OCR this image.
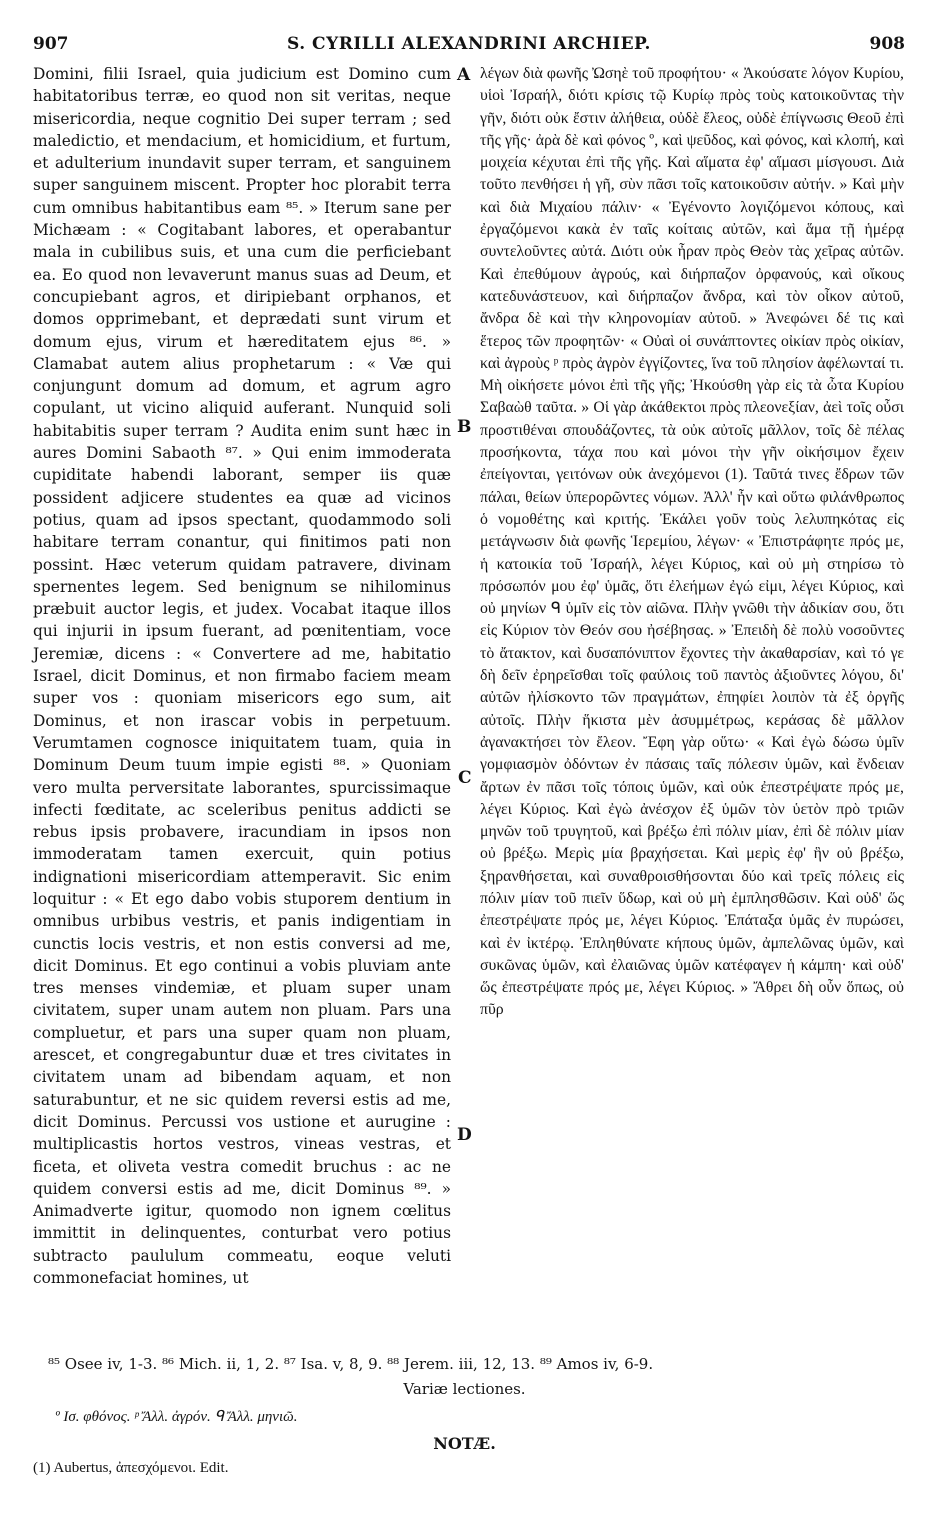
907	S. CYRILLI ALEXANDRINI ARCHIEP.	908
Domini, filii Israel, quia judicium est Domino cum habitatoribus terræ, eo quod non sit veritas, neque misericordia, neque cognitio Dei super terram ; sed maledictio, et mendacium, et homicidium, et furtum, et adulterium inundavit super terram, et sanguinem super sanguinem miscent. Propter hoc plorabit terra cum omnibus habitantibus eam ⁸⁵. » Iterum sane per Michæam : « Cogitabant labores, et operabantur mala in cubilibus suis, et una cum die perficiebant ea. Eo quod non levaverunt manus suas ad Deum, et concupiebant agros, et diripiebant orphanos, et domos opprimebant, et deprædati sunt virum et domum ejus, virum et hæreditatem ejus ⁸⁶. » Clamabat autem alius prophetarum : « Væ qui conjungunt domum ad domum, et agrum agro copulant, ut vicino aliquid auferant. Nunquid soli habitabitis super terram ? Audita enim sunt hæc in aures Domini Sabaoth ⁸⁷. » Qui enim immoderata cupiditate habendi laborant, semper iis quæ possident adjicere studentes ea quæ ad vicinos potius, quam ad ipsos spectant, quodammodo soli habitare terram conantur, qui finitimos pati non possint. Hæc veterum quidam patravere, divinam spernentes legem. Sed benignum se nihilominus præbuit auctor legis, et judex. Vocabat itaque illos qui injurii in ipsum fuerant, ad pœnitentiam, voce Jeremiæ, dicens : « Convertere ad me, habitatio Israel, dicit Dominus, et non firmabo faciem meam super vos : quoniam misericors ego sum, ait Dominus, et non irascar vobis in perpetuum. Verumtamen cognosce iniquitatem tuam, quia in Dominum Deum tuum impie egisti ⁸⁸. » Quoniam vero multa perversitate laborantes, spurcissimaque infecti fœditate, ac sceleribus penitus addicti se rebus ipsis probavere, iracundiam in ipsos non immoderatam tamen exercuit, quin potius indignationi misericordiam attemperavit. Sic enim loquitur : « Et ego dabo vobis stuporem dentium in omnibus urbibus vestris, et panis indigentiam in cunctis locis vestris, et non estis conversi ad me, dicit Dominus. Et ego continui a vobis pluviam ante tres menses vindemiæ, et pluam super unam civitatem, super unam autem non pluam. Pars una compluetur, et pars una super quam non pluam, arescet, et congregabuntur duæ et tres civitates in civitatem unam ad bibendam aquam, et non saturabuntur, et ne sic quidem reversi estis ad me, dicit Dominus. Percussi vos ustione et aurugine : multiplicastis hortos vestros, vineas vestras, et ficeta, et oliveta vestra comedit bruchus : ac ne quidem conversi estis ad me, dicit Dominus ⁸⁹. » Animadverte igitur, quomodo non ignem cœlitus immittit in delinquentes, conturbat vero potius subtracto paululum commeatu, eoque veluti commonefaciat homines, ut
A
B
C
D
λέγων διὰ φωνῆς Ὠσηὲ τοῦ προφήτου· « Ἀκούσατε λόγον Κυρίου, υἱοὶ Ἰσραήλ, διότι κρίσις τῷ Κυρίῳ πρὸς τοὺς κατοικοῦντας τὴν γῆν, διότι οὐκ ἔστιν ἀλήθεια, οὐδὲ ἔλεος, οὐδὲ ἐπίγνωσις Θεοῦ ἐπὶ τῆς γῆς· ἀρὰ δὲ καὶ φόνος º, καὶ ψεῦδος, καὶ φόνος, καὶ κλοπή, καὶ μοιχεία κέχυται ἐπὶ τῆς γῆς. Καὶ αἵματα ἐφ' αἵμασι μίσγουσι. Διὰ τοῦτο πενθήσει ἡ γῆ, σὺν πᾶσι τοῖς κατοικοῦσιν αὐτήν. » Καὶ μὴν καὶ διὰ Μιχαίου πάλιν· « Ἐγένοντο λογιζόμενοι κόπους, καὶ ἐργαζόμενοι κακὰ ἐν ταῖς κοίταις αὐτῶν, καὶ ἅμα τῇ ἡμέρᾳ συντελοῦντες αὐτά. Διότι οὐκ ἦραν πρὸς Θεὸν τὰς χεῖρας αὐτῶν. Καὶ ἐπεθύμουν ἀγρούς, καὶ διήρπαζον ὀρφανούς, καὶ οἴκους κατεδυνάστευον, καὶ διήρπαζον ἄνδρα, καὶ τὸν οἶκον αὐτοῦ, ἄνδρα δὲ καὶ τὴν κληρονομίαν αὐτοῦ. » Ἀνεφώνει δέ τις καὶ ἕτερος τῶν προφητῶν· « Οὐαὶ οἱ συνάπτοντες οἰκίαν πρὸς οἰκίαν, καὶ ἀγροὺς ᵖ πρὸς ἀγρὸν ἐγγίζοντες, ἵνα τοῦ πλησίον ἀφέλωνταί τι. Μὴ οἰκήσετε μόνοι ἐπὶ τῆς γῆς; Ἠκούσθη γὰρ εἰς τὰ ὦτα Κυρίου Σαβαὼθ ταῦτα. » Οἱ γὰρ ἀκάθεκτοι πρὸς πλεονεξίαν, ἀεὶ τοῖς οὖσι προστιθέναι σπουδάζοντες, τὰ οὐκ αὐτοῖς μᾶλλον, τοῖς δὲ πέλας προσήκοντα, τάχα που καὶ μόνοι τὴν γῆν οἰκήσιμον ἔχειν ἐπείγονται, γειτόνων οὐκ ἀνεχόμενοι (1). Ταῦτά τινες ἔδρων τῶν πάλαι, θείων ὑπερορῶντες νόμων. Ἀλλ' ἦν καὶ οὕτω φιλάνθρωπος ὁ νομοθέτης καὶ κριτής. Ἐκάλει γοῦν τοὺς λελυπηκότας εἰς μετάγνωσιν διὰ φωνῆς Ἱερεμίου, λέγων· « Ἐπιστράφητε πρός με, ἡ κατοικία τοῦ Ἰσραήλ, λέγει Κύριος, καὶ οὐ μὴ στηρίσω τὸ πρόσωπόν μου ἐφ' ὑμᾶς, ὅτι ἐλεήμων ἐγώ εἰμι, λέγει Κύριος, καὶ οὐ μηνίων ᑫ ὑμῖν εἰς τὸν αἰῶνα. Πλὴν γνῶθι τὴν ἀδικίαν σου, ὅτι εἰς Κύριον τὸν Θεόν σου ἠσέβησας. » Ἐπειδὴ δὲ πολὺ νοσοῦντες τὸ ἄτακτον, καὶ δυσαπόνιπτον ἔχοντες τὴν ἀκαθαρσίαν, καὶ τό γε δὴ δεῖν ἐρηρεῖσθαι τοῖς φαύλοις τοῦ παντὸς ἀξιοῦντες λόγου, δι' αὐτῶν ἠλίσκοντο τῶν πραγμάτων, ἐπηφίει λοιπὸν τὰ ἐξ ὀργῆς αὐτοῖς. Πλὴν ἥκιστα μὲν ἀσυμμέτρως, κεράσας δὲ μᾶλλον ἀγανακτήσει τὸν ἔλεον. Ἔφη γὰρ οὕτω· « Καὶ ἐγὼ δώσω ὑμῖν γομφιασμὸν ὀδόντων ἐν πάσαις ταῖς πόλεσιν ὑμῶν, καὶ ἔνδειαν ἄρτων ἐν πᾶσι τοῖς τόποις ὑμῶν, καὶ οὐκ ἐπεστρέψατε πρός με, λέγει Κύριος. Καὶ ἐγὼ ἀνέσχον ἐξ ὑμῶν τὸν ὑετὸν πρὸ τριῶν μηνῶν τοῦ τρυγητοῦ, καὶ βρέξω ἐπὶ πόλιν μίαν, ἐπὶ δὲ πόλιν μίαν οὐ βρέξω. Μερὶς μία βραχήσεται. Καὶ μερὶς ἐφ' ἣν οὐ βρέξω, ξηρανθήσεται, καὶ συναθροισθήσονται δύο καὶ τρεῖς πόλεις εἰς πόλιν μίαν τοῦ πιεῖν ὕδωρ, καὶ οὐ μὴ ἐμπλησθῶσιν. Καὶ οὐδ' ὥς ἐπεστρέψατε πρός με, λέγει Κύριος. Ἐπάταξα ὑμᾶς ἐν πυρώσει, καὶ ἐν ἰκτέρῳ. Ἐπληθύνατε κήπους ὑμῶν, ἀμπελῶνας ὑμῶν, καὶ συκῶνας ὑμῶν, καὶ ἐλαιῶνας ὑμῶν κατέφαγεν ἡ κάμπη· καὶ οὐδ' ὥς ἐπεστρέψατε πρός με, λέγει Κύριος. » Ἄθρει δὴ οὖν ὅπως, οὐ πῦρ
⁸⁵ Osee iv, 1-3. ⁸⁶ Mich. ii, 1, 2. ⁸⁷ Isa. v, 8, 9. ⁸⁸ Jerem. iii, 12, 13. ⁸⁹ Amos iv, 6-9.
Variæ lectiones.
º Ισ. φθόνος. ᵖ Ἄλλ. ἀγρόν. ᑫ Ἄλλ. μηνιῶ.
NOTÆ.
(1) Aubertus, ἀπεσχόμενοι. Edit.
